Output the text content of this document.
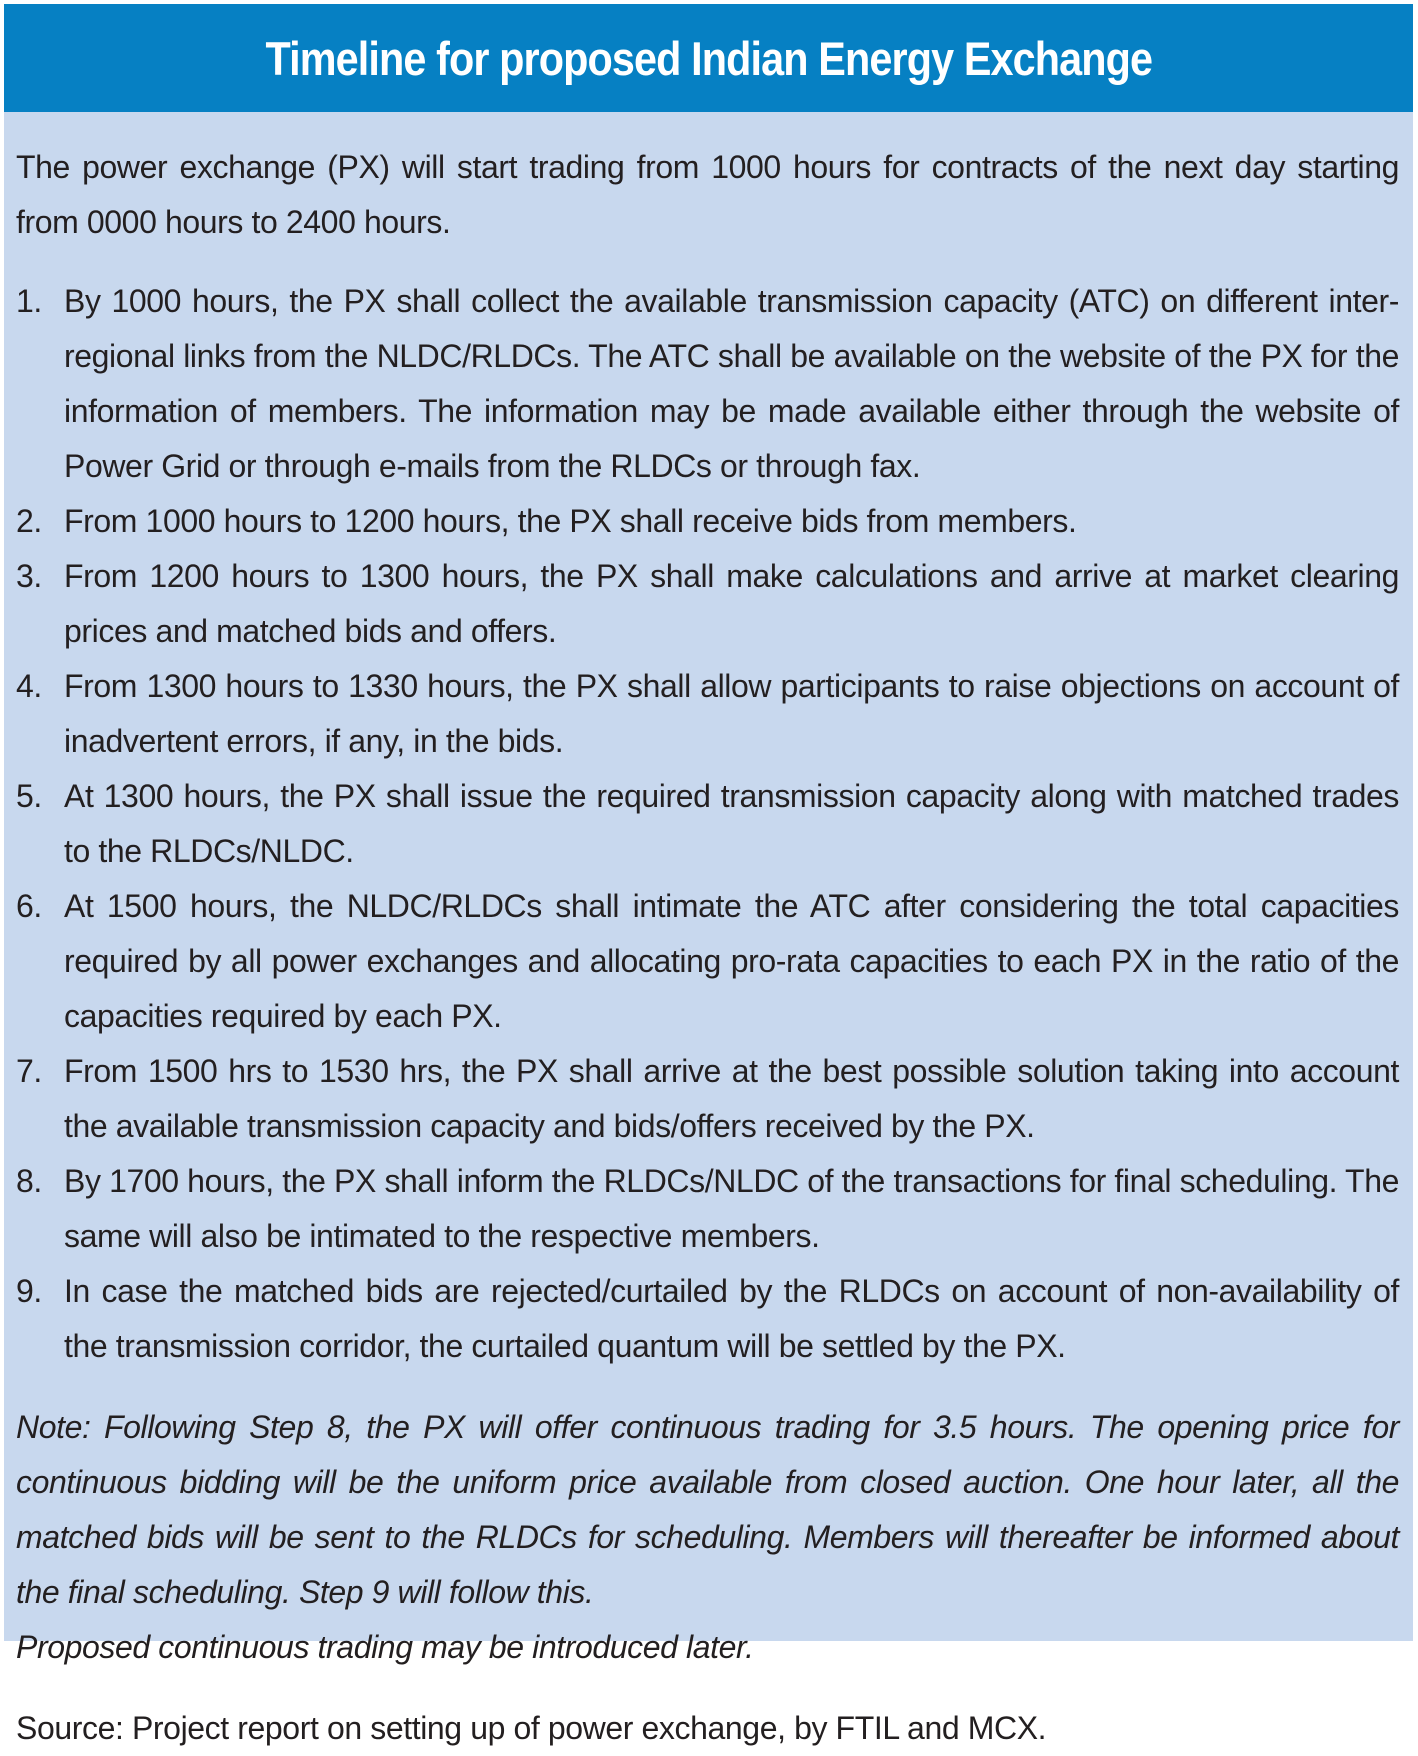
Timeline for proposed Indian Energy Exchange

The power exchange (PX) will start trading from 1000 hours for contracts of the next day starting from 0000 hours to 2400 hours.

1. By 1000 hours, the PX shall collect the available transmission capacity (ATC) on different inter-regional links from the NLDC/RLDCs. The ATC shall be available on the website of the PX for the information of members. The information may be made available either through the website of Power Grid or through e-mails from the RLDCs or through fax.
2. From 1000 hours to 1200 hours, the PX shall receive bids from members.
3. From 1200 hours to 1300 hours, the PX shall make calculations and arrive at market clearing prices and matched bids and offers.
4. From 1300 hours to 1330 hours, the PX shall allow participants to raise objections on account of inadvertent errors, if any, in the bids.
5. At 1300 hours, the PX shall issue the required transmission capacity along with matched trades to the RLDCs/NLDC.
6. At 1500 hours, the NLDC/RLDCs shall intimate the ATC after considering the total capacities required by all power exchanges and allocating pro-rata capacities to each PX in the ratio of the capacities required by each PX.
7. From 1500 hrs to 1530 hrs, the PX shall arrive at the best possible solution taking into account the available transmission capacity and bids/offers received by the PX.
8. By 1700 hours, the PX shall inform the RLDCs/NLDC of the transactions for final scheduling. The same will also be intimated to the respective members.
9. In case the matched bids are rejected/curtailed by the RLDCs on account of non-availability of the transmission corridor, the curtailed quantum will be settled by the PX.

Note: Following Step 8, the PX will offer continuous trading for 3.5 hours. The opening price for continuous bidding will be the uniform price available from closed auction. One hour later, all the matched bids will be sent to the RLDCs for scheduling. Members will thereafter be informed about the final scheduling. Step 9 will follow this.

Proposed continuous trading may be introduced later.

Source: Project report on setting up of power exchange, by FTIL and MCX.
